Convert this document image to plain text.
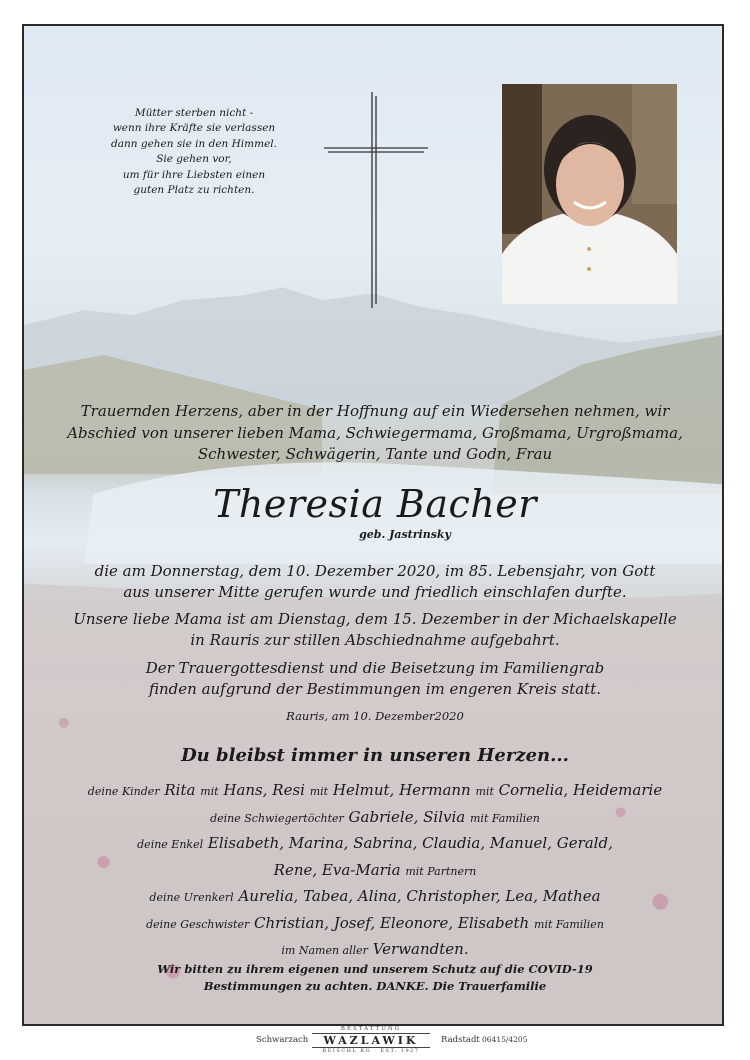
Mütter sterben nicht -
wenn ihre Kräfte sie verlassen
dann gehen sie in den Himmel.
Sie gehen vor,
um für ihre Liebsten einen
guten Platz zu richten.
Trauernden Herzens, aber in der Hoffnung auf ein Wiedersehen nehmen, wir
Abschied von unserer lieben Mama, Schwiegermama, Großmama, Urgroßmama,
Schwester, Schwägerin, Tante und Godn, Frau
Theresia Bacher
geb. Jastrinsky
die am Donnerstag, dem 10. Dezember 2020, im 85. Lebensjahr, von Gott
aus unserer Mitte gerufen wurde und friedlich einschlafen durfte.
Unsere liebe Mama ist am Dienstag, dem 15. Dezember in der Michaelskapelle
in Rauris zur stillen Abschiednahme aufgebahrt.
Der Trauergottesdienst und die Beisetzung im Familiengrab
finden aufgrund der Bestimmungen im engeren Kreis statt.
Rauris, am 10. Dezember2020
Du bleibst immer in unseren Herzen...
deine Kinder Rita mit Hans, Resi mit Helmut, Hermann mit Cornelia, Heidemarie
deine Schwiegertöchter Gabriele, Silvia mit Familien
deine Enkel Elisabeth, Marina, Sabrina, Claudia, Manuel, Gerald,
Rene, Eva-Maria mit Partnern
deine Urenkerl Aurelia, Tabea, Alina, Christopher, Lea, Mathea
deine Geschwister Christian, Josef, Eleonore, Elisabeth mit Familien
im Namen aller Verwandten.
Wir bitten zu ihrem eigenen und unserem Schutz auf die COVID-19
Bestimmungen zu achten. DANKE. Die Trauerfamilie
Schwarzach
BESTATTUNG
WAZLAWIK
REISCHL KG · EST. 1927
Radstadt 06415/4205
